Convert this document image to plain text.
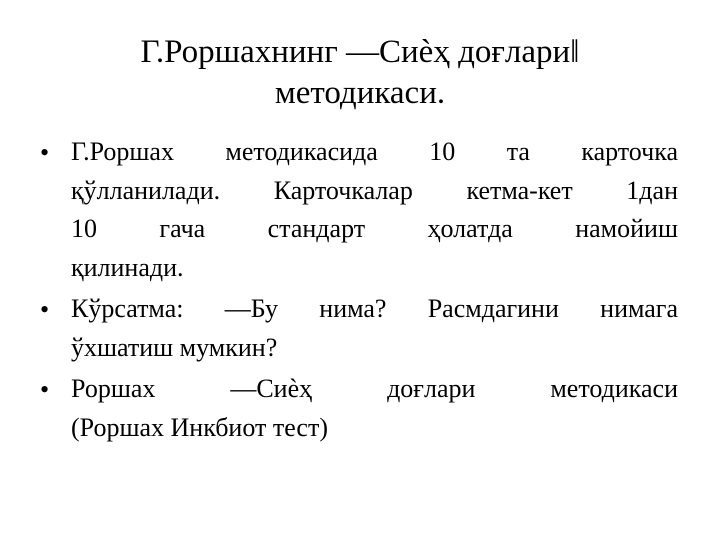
Г.Роршахнинг ―Сиѐҳ доғлари‖
методикаси.
• Г.Роршах методикасида 10 та карточка
қўлланилади. Карточкалар кетма-кет 1дан
10 гача стандарт ҳолатда намойиш
қилинади.
• Кўрсатма: ―Бу нима? Расмдагини нимага
ўхшатиш мумкин?
• Роршах ―Сиѐҳ доғлари методикаси
(Роршах Инкбиот тест)
